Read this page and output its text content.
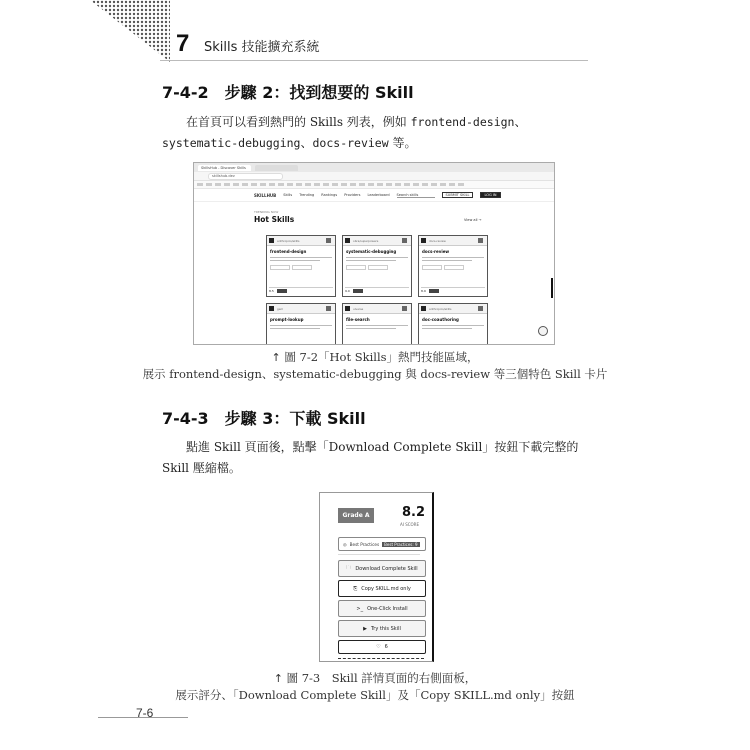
7 Skills 技能擴充系統
7-4-2　步驟 2：找到想要的 Skill
在首頁可以看到熱門的 Skills 列表，例如 frontend-design、systematic-debugging、docs-review 等。
SkillsHub - Discover Skills
skillshub.dev
SKILLHUB Skills Trending Rankings Providers Leaderboard Search skills	SUBMIT SKILL	LOG IN
TRENDING NOW
Hot Skills	View all →
anthropics/skills
frontend-design
8.5
obra/superpowers
systematic-debugging
9.0
docs-review
docs-review
8.9
gem
prompt-lookup
uiverse
file-search
anthropics/skills
doc-coauthoring
↑ 圖 7-2「Hot Skills」熱門技能區域，
展示 frontend-design、systematic-debugging 與 docs-review 等三個特色 Skill 卡片
7-4-3　步驟 3：下載 Skill
點進 Skill 頁面後，點擊「Download Complete Skill」按鈕下載完整的 Skill 壓縮檔。
Grade A	8.2
AI SCORE
◎ Best Practices	Best Practices: 9
🗀 Download Complete Skill
⎘ Copy SKILL.md only
>_ One-Click Install
▶ Try this Skill
♡ 6
↑ 圖 7-3　Skill 詳情頁面的右側面板，
展示評分、「Download Complete Skill」及「Copy SKILL.md only」按鈕
7-6
